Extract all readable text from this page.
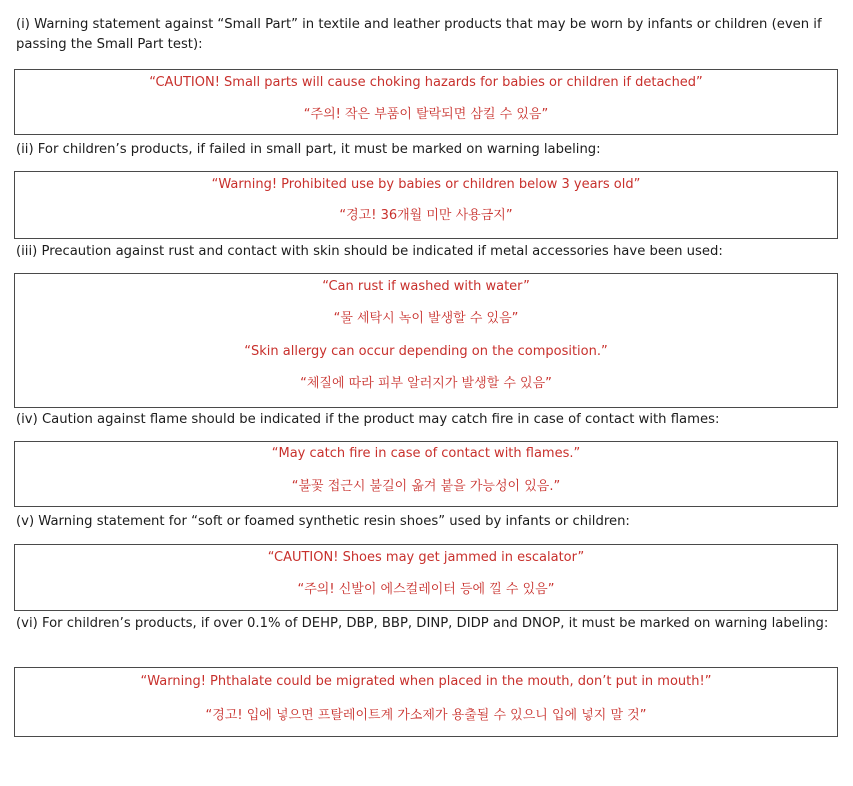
(i) Warning statement against “Small Part” in textile and leather products that may be worn by infants or children (even if passing the Small Part test):
“CAUTION! Small parts will cause choking hazards for babies or children if detached”
“주의! 작은 부품이 탈락되면 삼킬 수 있음”
(ii) For children’s products, if failed in small part, it must be marked on warning labeling:
“Warning! Prohibited use by babies or children below 3 years old”
“경고! 36개월 미만 사용금지”
(iii) Precaution against rust and contact with skin should be indicated if metal accessories have been used:
“Can rust if washed with water”
“물 세탁시 녹이 발생할 수 있음”
“Skin allergy can occur depending on the composition.”
“체질에 따라 피부 알러지가 발생할 수 있음”
(iv) Caution against flame should be indicated if the product may catch fire in case of contact with flames:
“May catch fire in case of contact with flames.”
“불꽃 접근시 불길이 옮겨 붙을 가능성이 있음.”
(v) Warning statement for “soft or foamed synthetic resin shoes” used by infants or children:
“CAUTION! Shoes may get jammed in escalator”
“주의! 신발이 에스컬레이터 등에 낄 수 있음”
(vi) For children’s products, if over 0.1% of DEHP, DBP, BBP, DINP, DIDP and DNOP, it must be marked on warning labeling:
“Warning! Phthalate could be migrated when placed in the mouth, don’t put in mouth!”
“경고! 입에 넣으면 프탈레이트계 가소제가 용출될 수 있으니 입에 넣지 말 것”
